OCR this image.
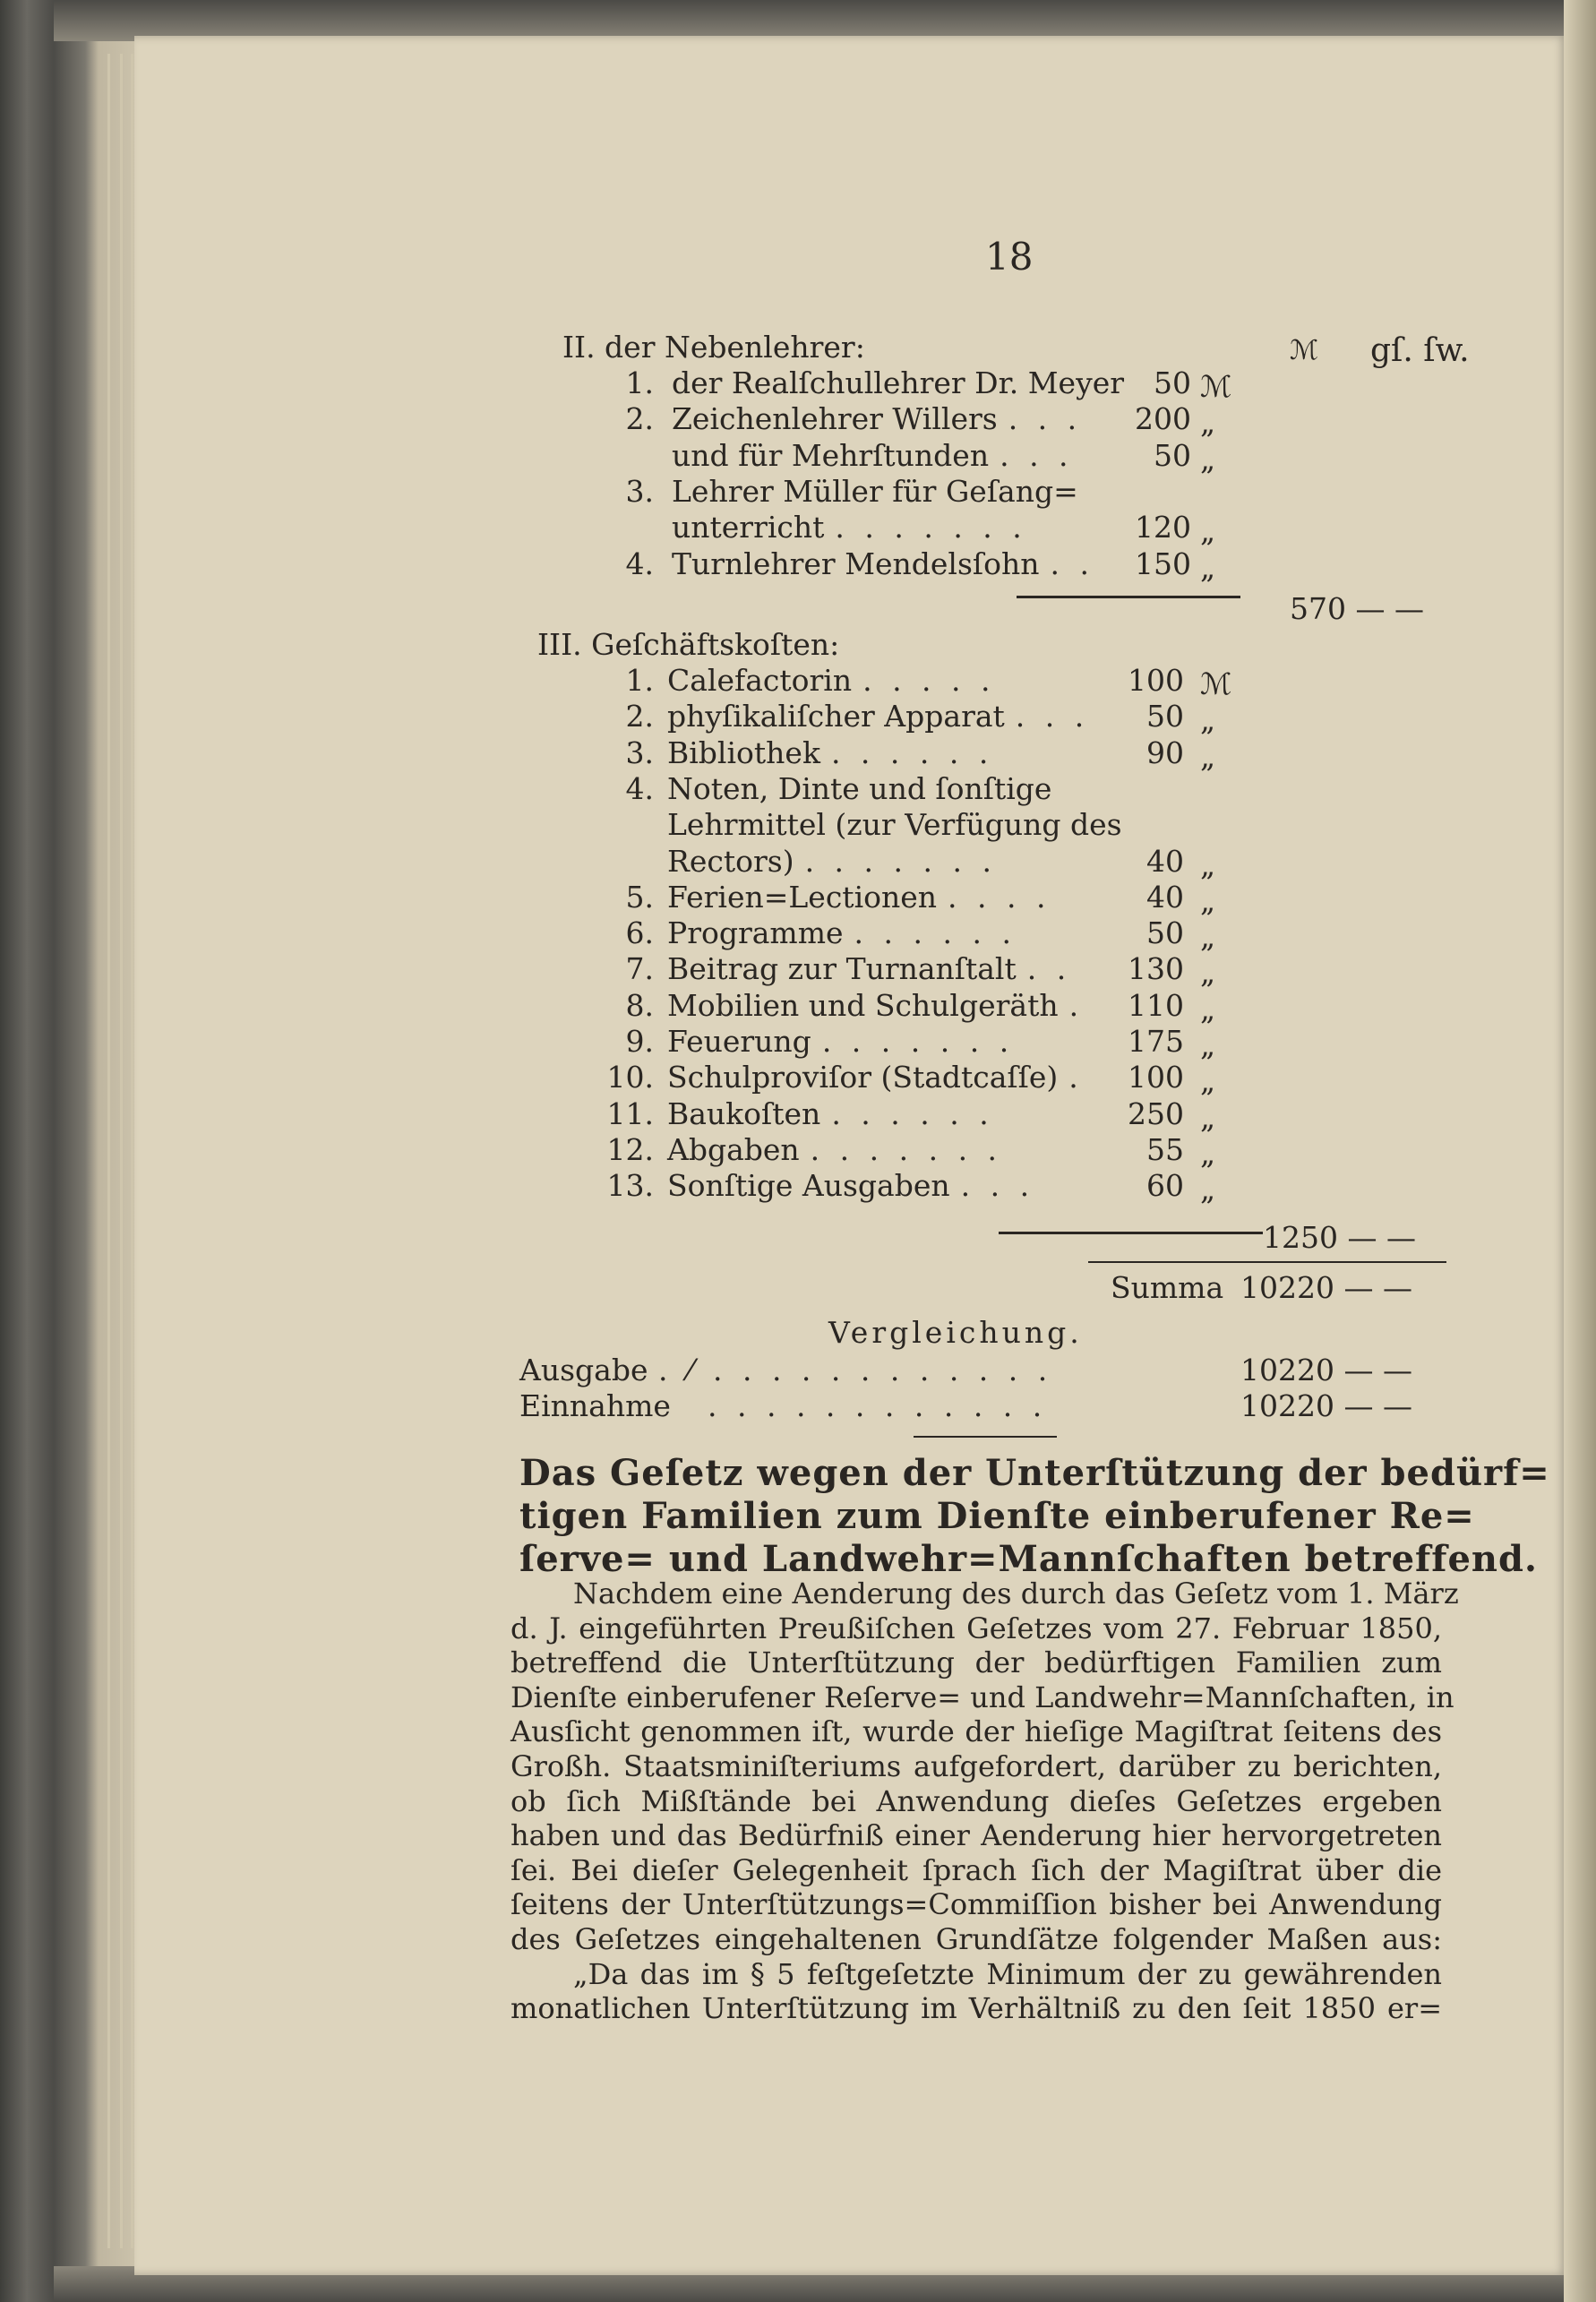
18
ℳ gſ. ſw.
II. der Nebenlehrer:
1. der Realſchullehrer Dr. Meyer 50 ℳ
2. Zeichenlehrer Willers . . .	200 „
und für Mehrſtunden . . .	50 „
3. Lehrer Müller für Geſang=
unterricht . . . . . . .	120 „
4. Turnlehrer Mendelsſohn . .	150 „
570 — —
III. Geſchäftskoſten:
1. Calefactorin . . . . .	100 ℳ
2. phyſikaliſcher Apparat . . .	50 „
3. Bibliothek . . . . . .	90 „
4. Noten, Dinte und ſonſtige
Lehrmittel (zur Verfügung des
Rectors) . . . . . . .	40 „
5. Ferien=Lectionen . . . .	40 „
6. Programme . . . . . .	50 „
7. Beitrag zur Turnanſtalt . .	130 „
8. Mobilien und Schulgeräth .	110 „
9. Feuerung . . . . . . .	175 „
10. Schulproviſor (Stadtcaſſe) .	100 „
11. Baukoſten . . . . . .	250 „
12. Abgaben . . . . . . .	55 „
13. Sonſtige Ausgaben . . .	60 „
1250 — —
Summa 10220 — —
Vergleichung.
Ausgabe . ⁄ . . . . . . . . . . . .	10220 — —
Einnahme . . . . . . . . . . . .	10220 — —
Das Geſetz wegen der Unterſtützung der bedürf=
tigen Familien zum Dienſte einberufener Re=
ſerve= und Landwehr=Mannſchaften betreffend.
Nachdem eine Aenderung des durch das Geſetz vom 1. März
d. J. eingeführten Preußiſchen Geſetzes vom 27. Februar 1850,
betreffend die Unterſtützung der bedürftigen Familien zum
Dienſte einberufener Reſerve= und Landwehr=Mannſchaften, in
Ausſicht genommen iſt, wurde der hieſige Magiſtrat ſeitens des
Großh. Staatsminiſteriums aufgefordert, darüber zu berichten,
ob ſich Mißſtände bei Anwendung dieſes Geſetzes ergeben
haben und das Bedürfniß einer Aenderung hier hervorgetreten
ſei. Bei dieſer Gelegenheit ſprach ſich der Magiſtrat über die
ſeitens der Unterſtützungs=Commiſſion bisher bei Anwendung
des Geſetzes eingehaltenen Grundſätze folgender Maßen aus:
„Da das im § 5 feſtgeſetzte Minimum der zu gewährenden
monatlichen Unterſtützung im Verhältniß zu den ſeit 1850 er=
